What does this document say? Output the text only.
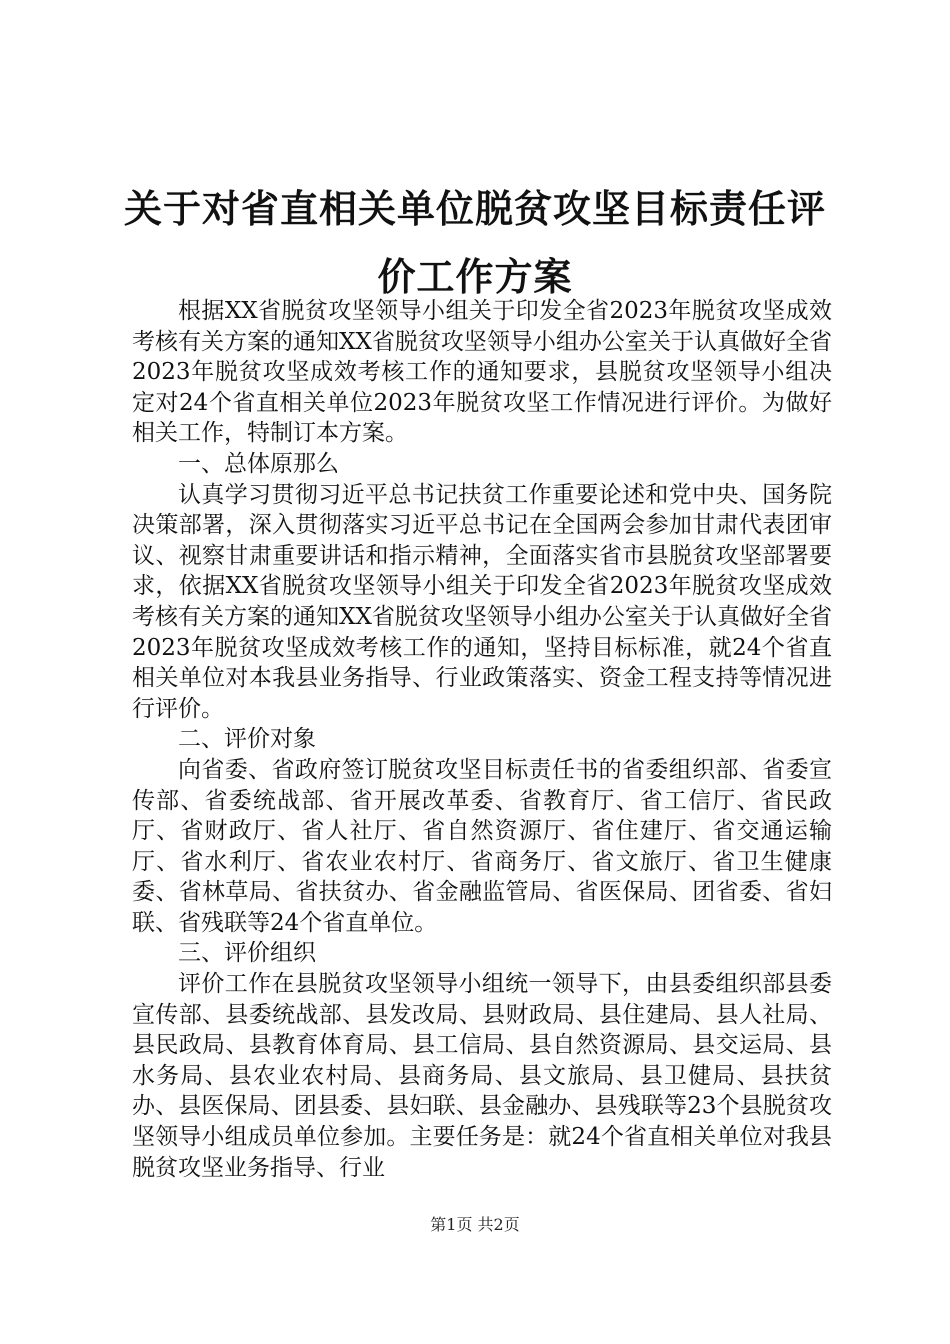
关于对省直相关单位脱贫攻坚目标责任评价工作方案

根据XX省脱贫攻坚领导小组关于印发全省2023年脱贫攻坚成效考核有关方案的通知XX省脱贫攻坚领导小组办公室关于认真做好全省2023年脱贫攻坚成效考核工作的通知要求，县脱贫攻坚领导小组决定对24个省直相关单位2023年脱贫攻坚工作情况进行评价。为做好相关工作，特制订本方案。

一、总体原那么

认真学习贯彻习近平总书记扶贫工作重要论述和党中央、国务院决策部署，深入贯彻落实习近平总书记在全国两会参加甘肃代表团审议、视察甘肃重要讲话和指示精神，全面落实省市县脱贫攻坚部署要求，依据XX省脱贫攻坚领导小组关于印发全省2023年脱贫攻坚成效考核有关方案的通知XX省脱贫攻坚领导小组办公室关于认真做好全省2023年脱贫攻坚成效考核工作的通知，坚持目标标准，就24个省直相关单位对本我县业务指导、行业政策落实、资金工程支持等情况进行评价。

二、评价对象

向省委、省政府签订脱贫攻坚目标责任书的省委组织部、省委宣传部、省委统战部、省开展改革委、省教育厅、省工信厅、省民政厅、省财政厅、省人社厅、省自然资源厅、省住建厅、省交通运输厅、省水利厅、省农业农村厅、省商务厅、省文旅厅、省卫生健康委、省林草局、省扶贫办、省金融监管局、省医保局、团省委、省妇联、省残联等24个省直单位。

三、评价组织

评价工作在县脱贫攻坚领导小组统一领导下，由县委组织部县委宣传部、县委统战部、县发改局、县财政局、县住建局、县人社局、县民政局、县教育体育局、县工信局、县自然资源局、县交运局、县水务局、县农业农村局、县商务局、县文旅局、县卫健局、县扶贫办、县医保局、团县委、县妇联、县金融办、县残联等23个县脱贫攻坚领导小组成员单位参加。主要任务是：就24个省直相关单位对我县脱贫攻坚业务指导、行业

第1页 共2页
